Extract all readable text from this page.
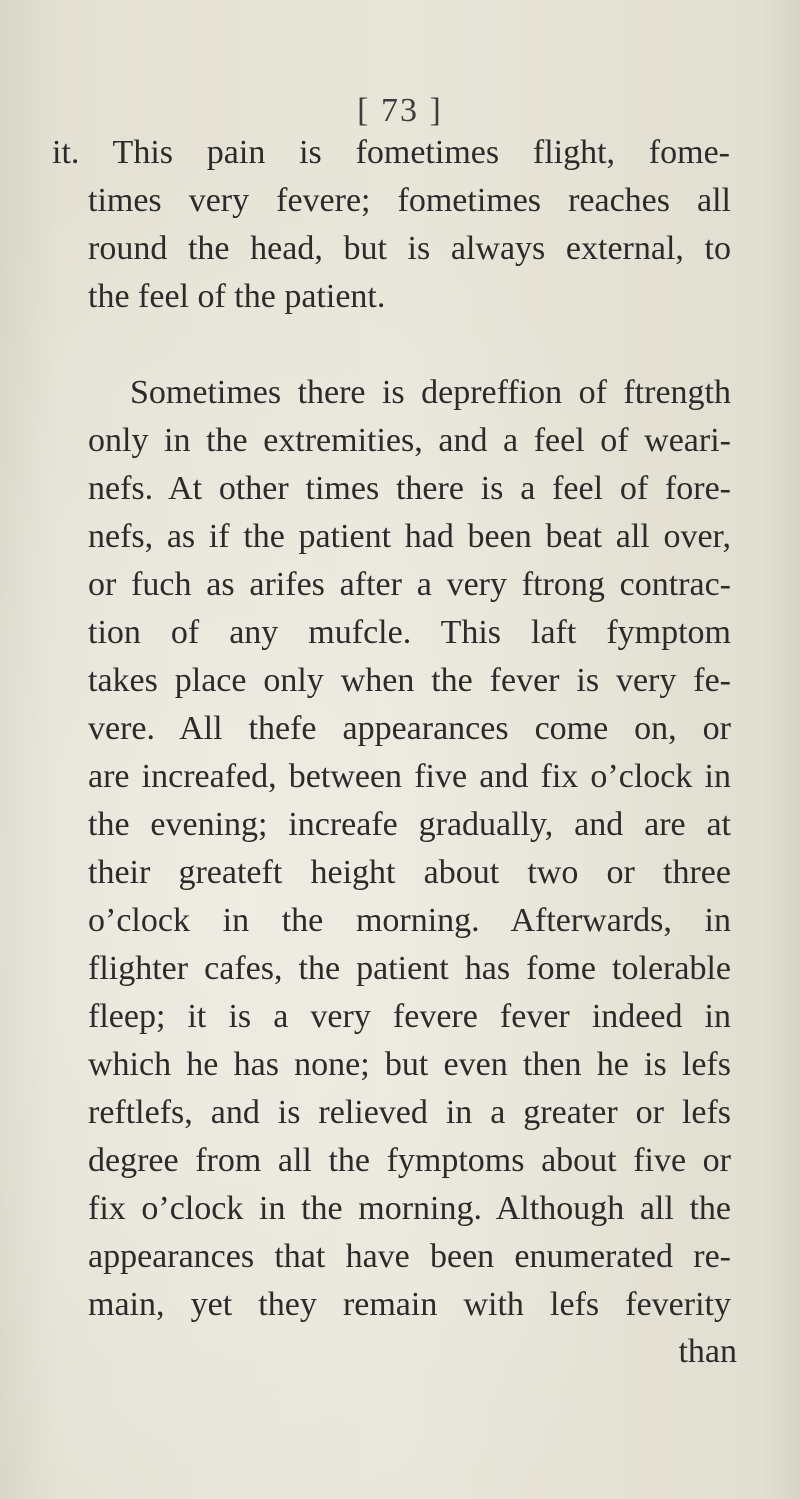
[ 73 ]
it. This pain is fometimes flight, fome-
times very fevere; fometimes reaches all
round the head, but is always external, to
the feel of the patient.
Sometimes there is depreffion of ftrength
only in the extremities, and a feel of weari-
nefs. At other times there is a feel of fore-
nefs, as if the patient had been beat all over,
or fuch as arifes after a very ftrong contrac-
tion of any mufcle. This laft fymptom
takes place only when the fever is very fe-
vere. All thefe appearances come on, or
are increafed, between five and fix o’clock in
the evening; increafe gradually, and are at
their greateft height about two or three
o’clock in the morning. Afterwards, in
flighter cafes, the patient has fome tolerable
fleep; it is a very fevere fever indeed in
which he has none; but even then he is lefs
reftlefs, and is relieved in a greater or lefs
degree from all the fymptoms about five or
fix o’clock in the morning. Although all the
appearances that have been enumerated re-
main, yet they remain with lefs feverity
than
